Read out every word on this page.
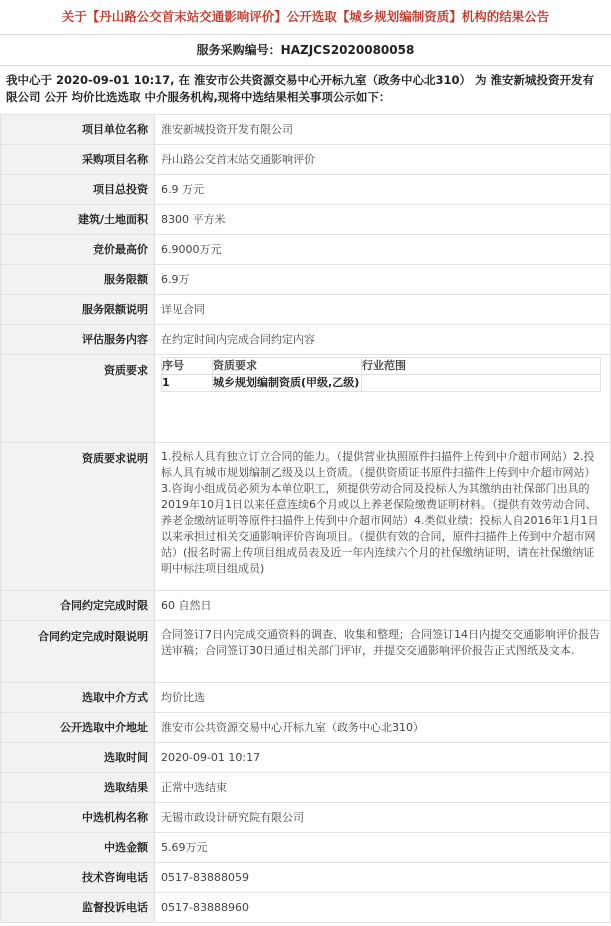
关于【丹山路公交首末站交通影响评价】公开选取【城乡规划编制资质】机构的结果公告
服务采购编号：HAZJCS2020080058
我中心于 2020-09-01 10:17, 在 淮安市公共资源交易中心开标九室（政务中心北310） 为 淮安新城投资开发有限公司 公开 均价比选选取 中介服务机构,现将中选结果相关事项公示如下：
项目单位名称	淮安新城投资开发有限公司
采购项目名称	丹山路公交首末站交通影响评价
项目总投资	6.9 万元
建筑/土地面积	8300 平方米
竞价最高价	6.9000万元
服务限额	6.9万
服务限额说明	详见合同
评估服务内容	在约定时间内完成合同约定内容
资质要求	序号	资质要求	行业范围
1	城乡规划编制资质(甲级,乙级)	

资质要求说明	1.投标人具有独立订立合同的能力。（提供营业执照原件扫描件上传到中介超市网站）2.投标人具有城市规划编制乙级及以上资质。（提供资质证书原件扫描件上传到中介超市网站）3.咨询小组成员必须为本单位职工，须提供劳动合同及投标人为其缴纳由社保部门出具的2019年10月1日以来任意连续6个月或以上养老保险缴费证明材料。（提供有效劳动合同、养老金缴纳证明等原件扫描件上传到中介超市网站）4.类似业绩：投标人自2016年1月1日以来承担过相关交通影响评价咨询项目。（提供有效的合同，原件扫描件上传到中介超市网站）(报名时需上传项目组成员表及近一年内连续六个月的社保缴纳证明，请在社保缴纳证明中标注项目组成员)
合同约定完成时限	60 自然日
合同约定完成时限说明	合同签订7日内完成交通资料的调查、收集和整理；合同签订14日内提交交通影响评价报告送审稿；合同签订30日通过相关部门评审，并提交交通影响评价报告正式图纸及文本.
选取中介方式	均价比选
公开选取中介地址	淮安市公共资源交易中心开标九室（政务中心北310）
选取时间	2020-09-01 10:17
选取结果	正常中选结束
中选机构名称	无锡市政设计研究院有限公司
中选金额	5.69万元
技术咨询电话	0517-83888059
监督投诉电话	0517-83888960
